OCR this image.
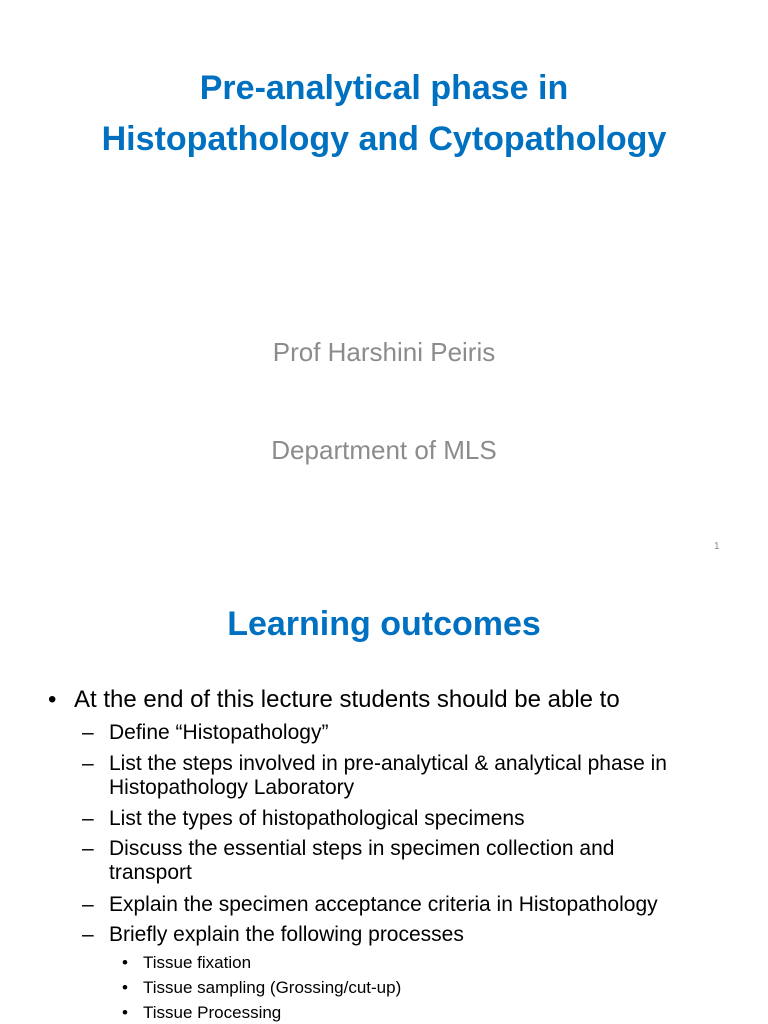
Pre-analytical phase in
Histopathology and Cytopathology
Prof Harshini Peiris
Department of MLS
1
Learning outcomes
• At the end of this lecture students should be able to
– Define “Histopathology”
– List the steps involved in pre-analytical & analytical phase in Histopathology Laboratory
– List the types of histopathological specimens
– Discuss the essential steps in specimen collection and transport
– Explain the specimen acceptance criteria in Histopathology
– Briefly explain the following processes
• Tissue fixation
• Tissue sampling (Grossing/cut-up)
• Tissue Processing
